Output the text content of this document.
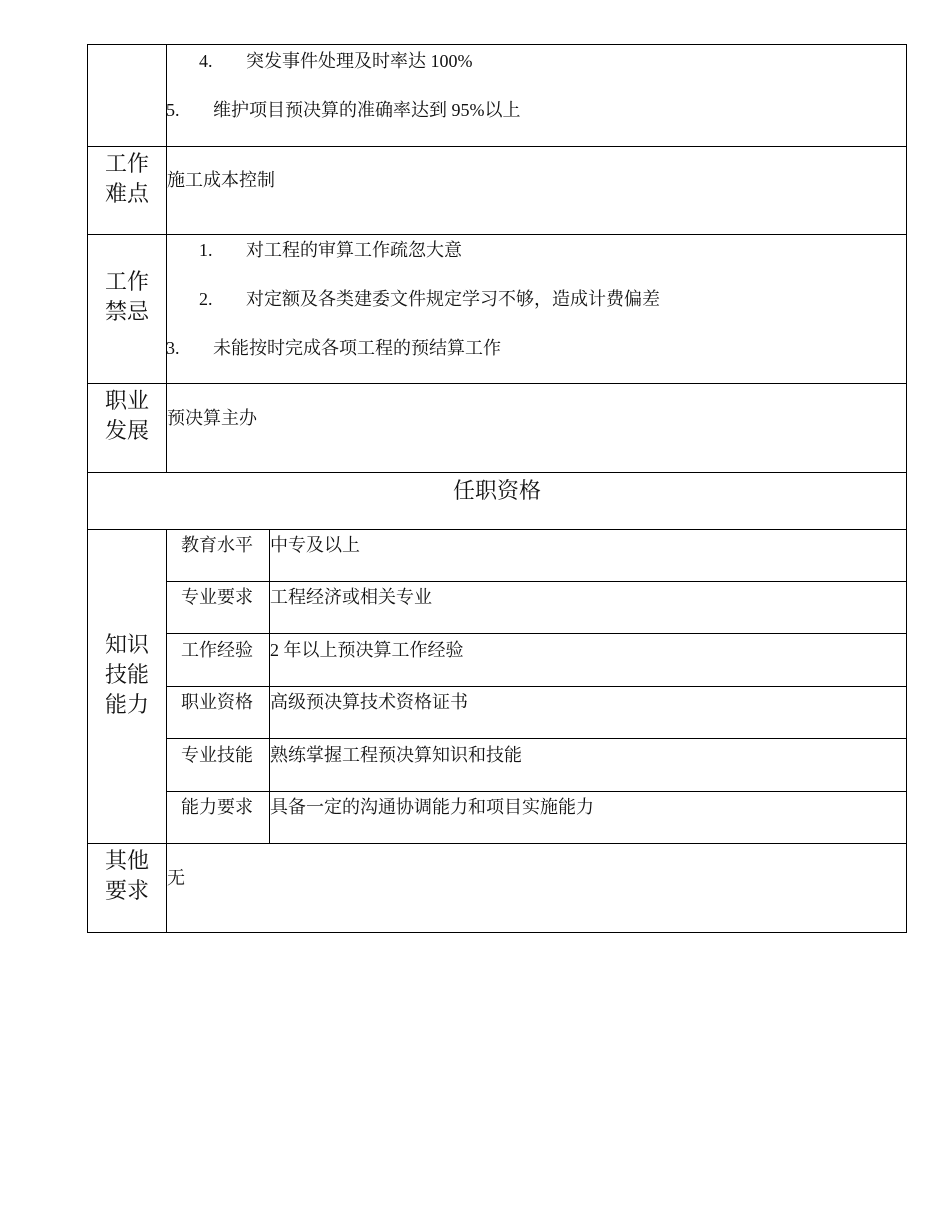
4. 突发事件处理及时率达 100%
5. 维护项目预决算的准确率达到 95%以上
工作
难点
施工成本控制
工作
禁忌
1. 对工程的审算工作疏忽大意
2. 对定额及各类建委文件规定学习不够，造成计费偏差
3. 未能按时完成各项工程的预结算工作
职业
发展	预决算主办
任职资格
知识
技能
能力
教育水平 中专及以上
专业要求 工程经济或相关专业
工作经验 2 年以上预决算工作经验
职业资格 高级预决算技术资格证书
专业技能 熟练掌握工程预决算知识和技能
能力要求 具备一定的沟通协调能力和项目实施能力
其他
要求	无
